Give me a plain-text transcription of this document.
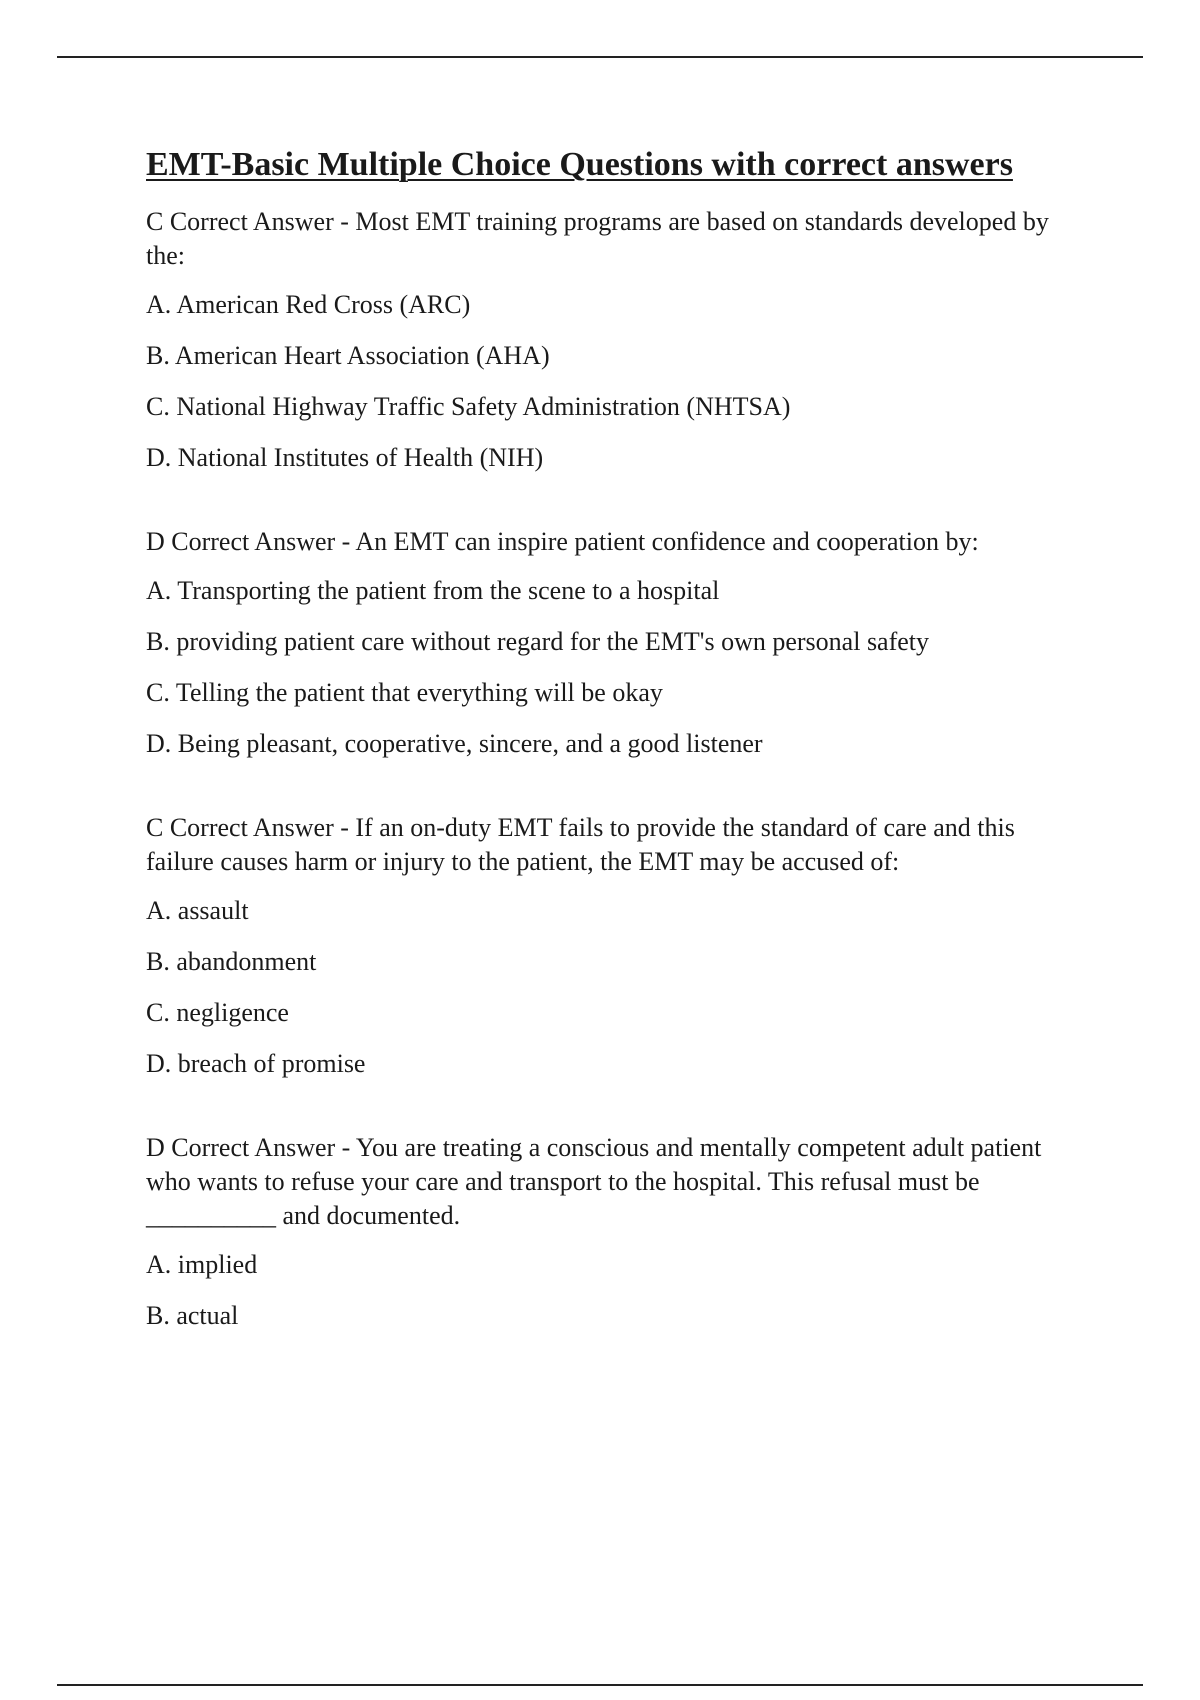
EMT-Basic Multiple Choice Questions with correct answers
C Correct Answer - Most EMT training programs are based on standards developed by the:
A. American Red Cross (ARC)
B. American Heart Association (AHA)
C. National Highway Traffic Safety Administration (NHTSA)
D. National Institutes of Health (NIH)
D Correct Answer - An EMT can inspire patient confidence and cooperation by:
A. Transporting the patient from the scene to a hospital
B. providing patient care without regard for the EMT's own personal safety
C. Telling the patient that everything will be okay
D. Being pleasant, cooperative, sincere, and a good listener
C Correct Answer - If an on-duty EMT fails to provide the standard of care and this failure causes harm or injury to the patient, the EMT may be accused of:
A. assault
B. abandonment
C. negligence
D. breach of promise
D Correct Answer - You are treating a conscious and mentally competent adult patient who wants to refuse your care and transport to the hospital. This refusal must be __________ and documented.
A. implied
B. actual
